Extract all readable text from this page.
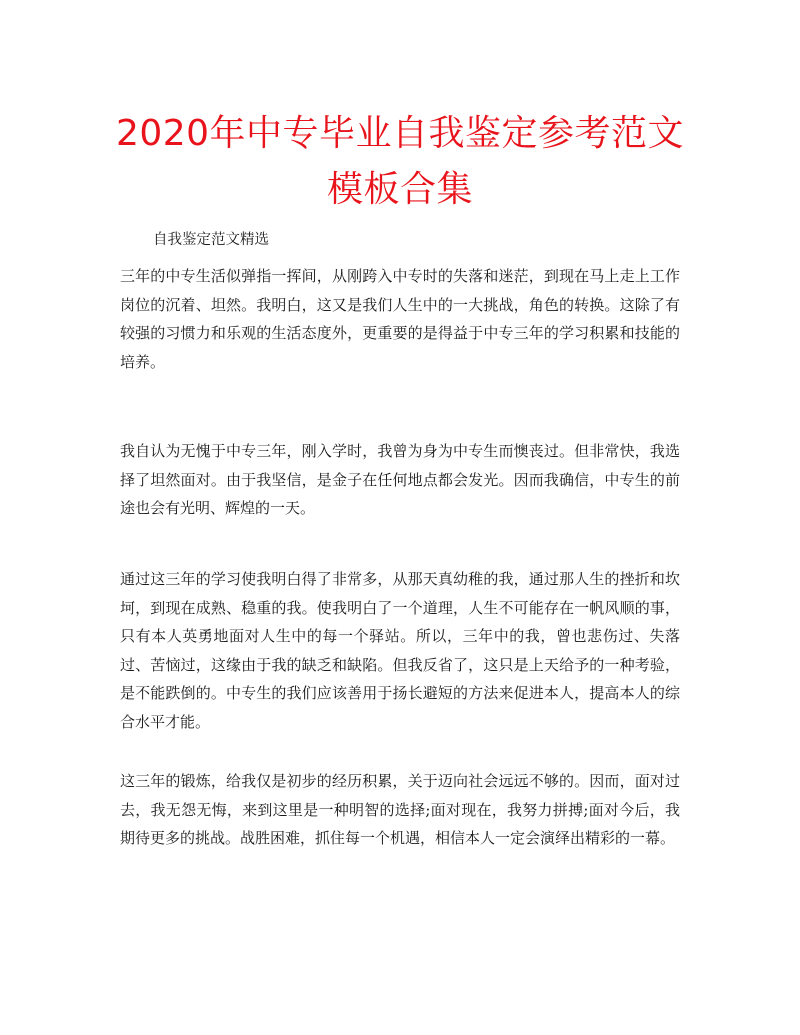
2020年中专毕业自我鉴定参考范文模板合集

自我鉴定范文精选

三年的中专生活似弹指一挥间，从刚跨入中专时的失落和迷茫，到现在马上走上工作岗位的沉着、坦然。我明白，这又是我们人生中的一大挑战，角色的转换。这除了有较强的习惯力和乐观的生活态度外，更重要的是得益于中专三年的学习积累和技能的培养。

我自认为无愧于中专三年，刚入学时，我曾为身为中专生而懊丧过。但非常快，我选择了坦然面对。由于我坚信，是金子在任何地点都会发光。因而我确信，中专生的前途也会有光明、辉煌的一天。

通过这三年的学习使我明白得了非常多，从那天真幼稚的我，通过那人生的挫折和坎坷，到现在成熟、稳重的我。使我明白了一个道理，人生不可能存在一帆风顺的事，只有本人英勇地面对人生中的每一个驿站。所以，三年中的我，曾也悲伤过、失落过、苦恼过，这缘由于我的缺乏和缺陷。但我反省了，这只是上天给予的一种考验，是不能跌倒的。中专生的我们应该善用于扬长避短的方法来促进本人，提高本人的综合水平才能。

这三年的锻炼，给我仅是初步的经历积累，关于迈向社会远远不够的。因而，面对过去，我无怨无悔，来到这里是一种明智的选择;面对现在，我努力拼搏;面对今后，我期待更多的挑战。战胜困难，抓住每一个机遇，相信本人一定会演绎出精彩的一幕。
